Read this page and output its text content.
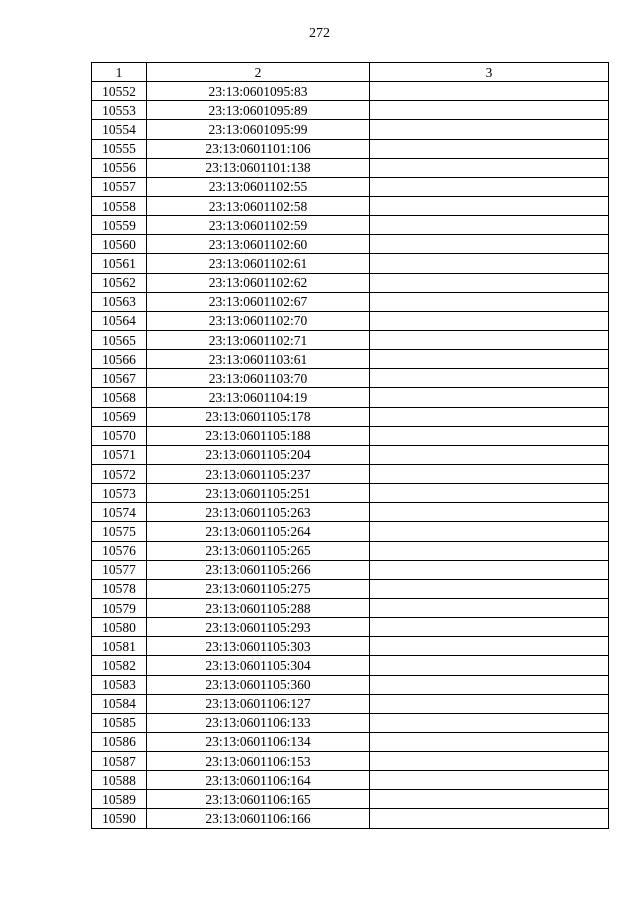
272
1	2	3
10552	23:13:0601095:83	
10553	23:13:0601095:89	
10554	23:13:0601095:99	
10555	23:13:0601101:106	
10556	23:13:0601101:138	
10557	23:13:0601102:55	
10558	23:13:0601102:58	
10559	23:13:0601102:59	
10560	23:13:0601102:60	
10561	23:13:0601102:61	
10562	23:13:0601102:62	
10563	23:13:0601102:67	
10564	23:13:0601102:70	
10565	23:13:0601102:71	
10566	23:13:0601103:61	
10567	23:13:0601103:70	
10568	23:13:0601104:19	
10569	23:13:0601105:178	
10570	23:13:0601105:188	
10571	23:13:0601105:204	
10572	23:13:0601105:237	
10573	23:13:0601105:251	
10574	23:13:0601105:263	
10575	23:13:0601105:264	
10576	23:13:0601105:265	
10577	23:13:0601105:266	
10578	23:13:0601105:275	
10579	23:13:0601105:288	
10580	23:13:0601105:293	
10581	23:13:0601105:303	
10582	23:13:0601105:304	
10583	23:13:0601105:360	
10584	23:13:0601106:127	
10585	23:13:0601106:133	
10586	23:13:0601106:134	
10587	23:13:0601106:153	
10588	23:13:0601106:164	
10589	23:13:0601106:165	
10590	23:13:0601106:166	
